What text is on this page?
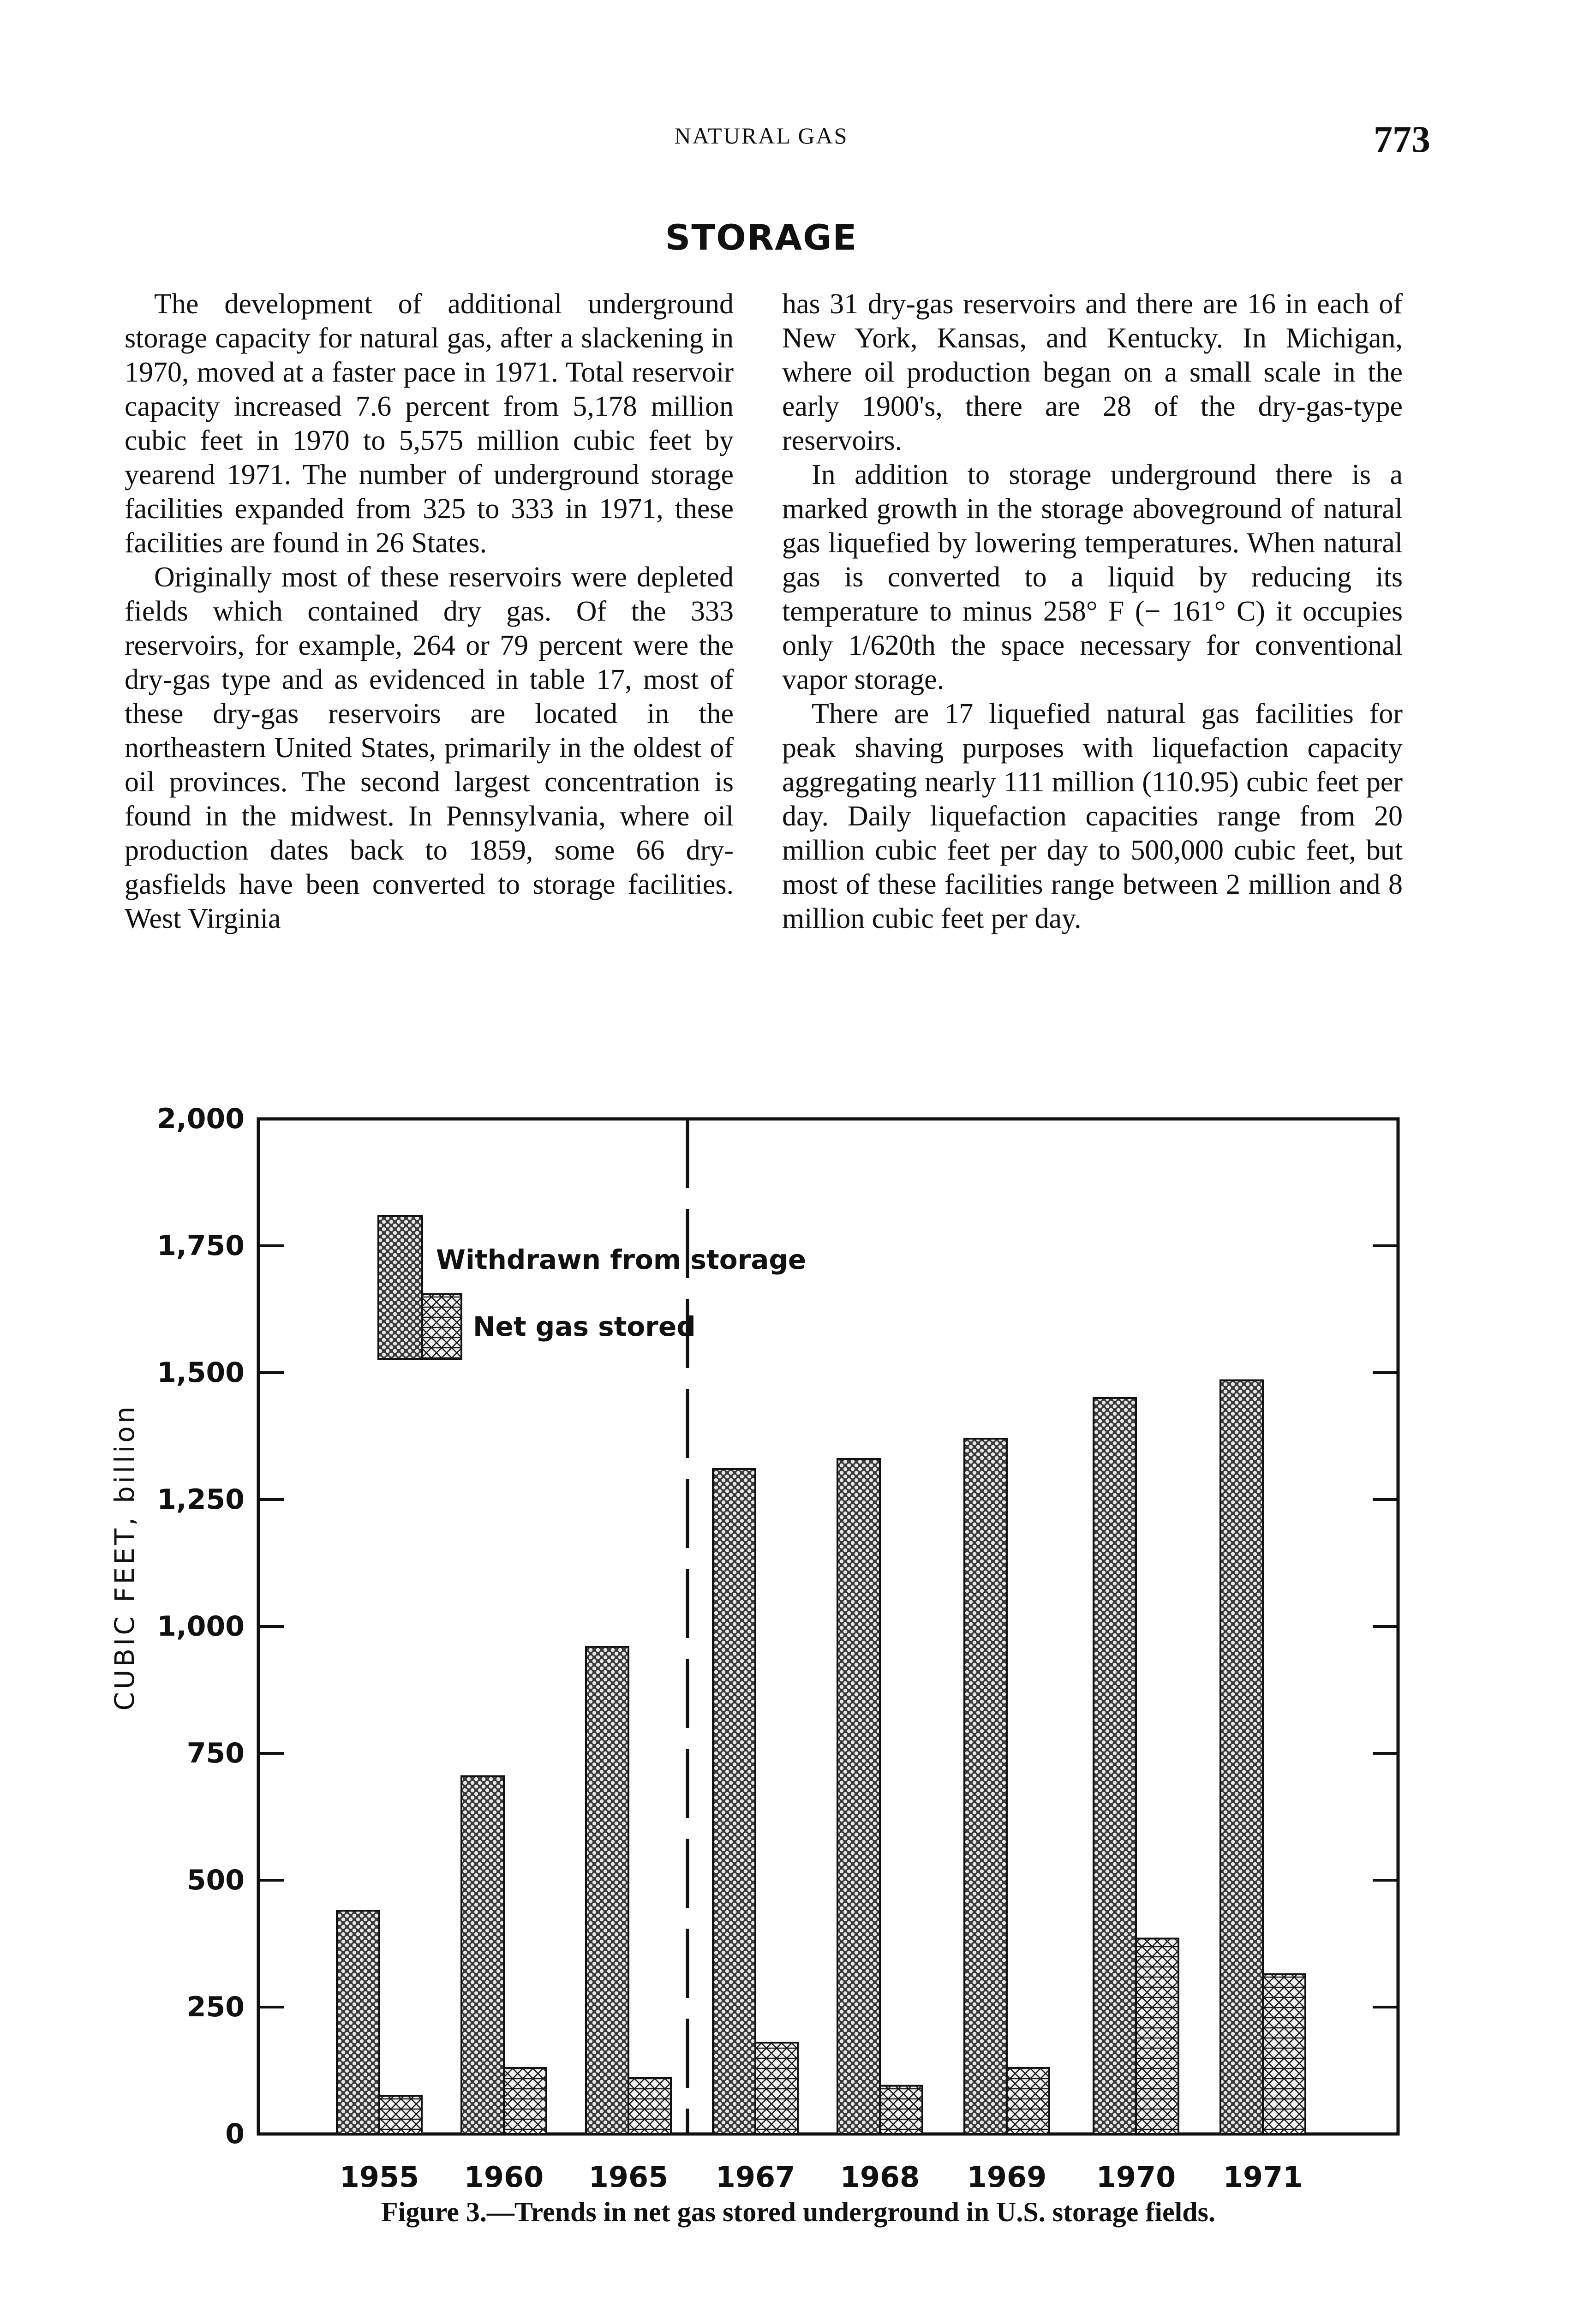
NATURAL GAS	773
STORAGE

The development of additional underground storage capacity for natural gas, after a slackening in 1970, moved at a faster pace in 1971. Total reservoir capacity increased 7.6 percent from 5,178 million cubic feet in 1970 to 5,575 million cubic feet by yearend 1971. The number of underground storage facilities expanded from 325 to 333 in 1971, these facilities are found in 26 States.

Originally most of these reservoirs were depleted fields which contained dry gas. Of the 333 reservoirs, for example, 264 or 79 percent were the dry-gas type and as evidenced in table 17, most of these dry-gas reservoirs are located in the northeastern United States, primarily in the oldest of oil provinces. The second largest concentration is found in the midwest. In Pennsylvania, where oil production dates back to 1859, some 66 dry-gasfields have been converted to storage facilities. West Virginia

has 31 dry-gas reservoirs and there are 16 in each of New York, Kansas, and Kentucky. In Michigan, where oil production began on a small scale in the early 1900's, there are 28 of the dry-gas-type reservoirs.

In addition to storage underground there is a marked growth in the storage aboveground of natural gas liquefied by lowering temperatures. When natural gas is converted to a liquid by reducing its temperature to minus 258° F (− 161° C) it occupies only 1/620th the space necessary for conventional vapor storage.

There are 17 liquefied natural gas facilities for peak shaving purposes with liquefaction capacity aggregating nearly 111 million (110.95) cubic feet per day. Daily liquefaction capacities range from 20 million cubic feet per day to 500,000 cubic feet, but most of these facilities range between 2 million and 8 million cubic feet per day.

0
250
500
750
1,000
1,250
1,500
1,750
2,000
1955 1960 1965 1967 1968 1969 1970 1971
Withdrawn from storage
Net gas stored
CUBIC FEET, billion
Figure 3.—Trends in net gas stored underground in U.S. storage fields.
